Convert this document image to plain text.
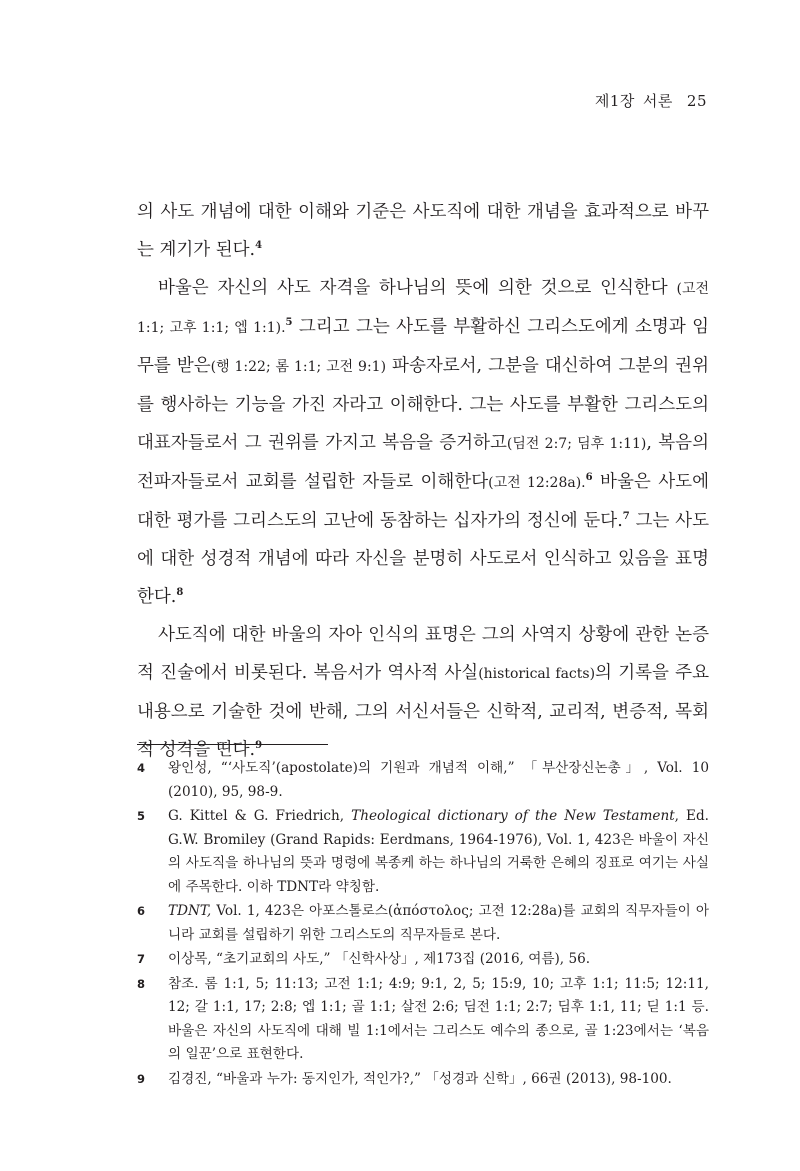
제1장 서론 25

의 사도 개념에 대한 이해와 기준은 사도직에 대한 개념을 효과적으로 바꾸는 계기가 된다.$^4$

바울은 자신의 사도 자격을 하나님의 뜻에 의한 것으로 인식한다 (고전 1:1; 고후 1:1; 엡 1:1).$^5$ 그리고 그는 사도를 부활하신 그리스도에게 소명과 임무를 받은(행 1:22; 롬 1:1; 고전 9:1) 파송자로서, 그분을 대신하여 그분의 권위를 행사하는 기능을 가진 자라고 이해한다. 그는 사도를 부활한 그리스도의 대표자들로서 그 권위를 가지고 복음을 증거하고(딤전 2:7; 딤후 1:11), 복음의 전파자들로서 교회를 설립한 자들로 이해한다(고전 12:28a).$^6$ 바울은 사도에 대한 평가를 그리스도의 고난에 동참하는 십자가의 정신에 둔다.$^7$ 그는 사도에 대한 성경적 개념에 따라 자신을 분명히 사도로서 인식하고 있음을 표명한다.$^8$

사도직에 대한 바울의 자아 인식의 표명은 그의 사역지 상황에 관한 논증적 진술에서 비롯된다. 복음서가 역사적 사실(historical facts)의 기록을 주요 내용으로 기술한 것에 반해, 그의 서신서들은 신학적, 교리적, 변증적, 목회적 성격을 띤다.$^9$

4	왕인성, “‘사도직’(apostolate)의 기원과 개념적 이해,” 「부산장신논총」, Vol. 10 (2010), 95, 98-9.
5	G. Kittel & G. Friedrich, Theological dictionary of the New Testament, Ed. G.W. Bromiley (Grand Rapids: Eerdmans, 1964-1976), Vol. 1, 423은 바울이 자신의 사도직을 하나님의 뜻과 명령에 복종케 하는 하나님의 거룩한 은혜의 징표로 여기는 사실에 주목한다. 이하 TDNT라 약칭함.
6	TDNT, Vol. 1, 423은 아포스톨로스(ἀπόστολος; 고전 12:28a)를 교회의 직무자들이 아니라 교회를 설립하기 위한 그리스도의 직무자들로 본다.
7	이상목, “초기교회의 사도,” 「신학사상」, 제173집 (2016, 여름), 56.
8	참조. 롬 1:1, 5; 11:13; 고전 1:1; 4:9; 9:1, 2, 5; 15:9, 10; 고후 1:1; 11:5; 12:11, 12; 갈 1:1, 17; 2:8; 엡 1:1; 골 1:1; 살전 2:6; 딤전 1:1; 2:7; 딤후 1:1, 11; 딛 1:1 등. 바울은 자신의 사도직에 대해 빌 1:1에서는 그리스도 예수의 종으로, 골 1:23에서는 ‘복음의 일꾼’으로 표현한다.
9	김경진, “바울과 누가: 동지인가, 적인가?,” 「성경과 신학」, 66권 (2013), 98-100.
